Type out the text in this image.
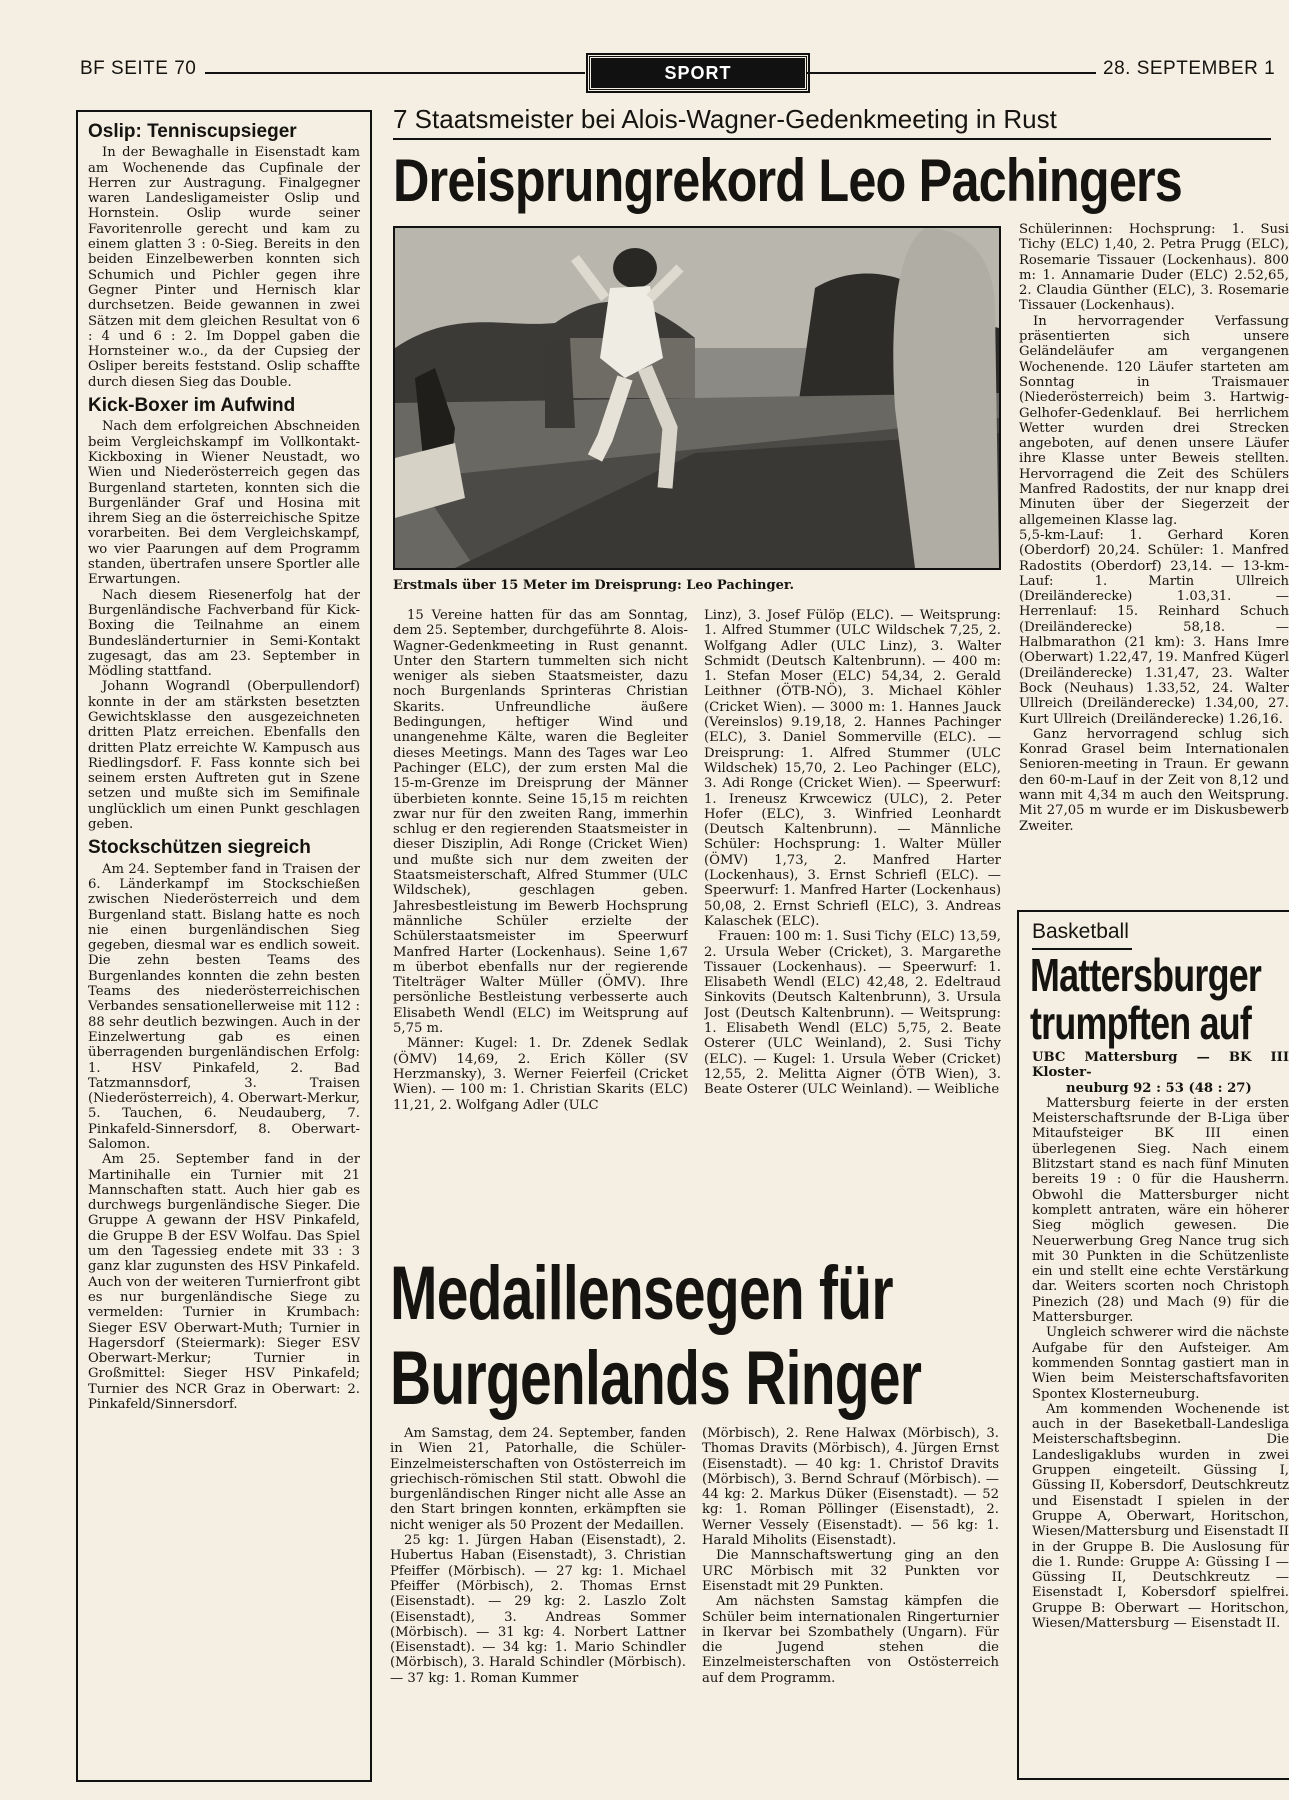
BF SEITE 70	SPORT	28. SEPTEMBER 1
Oslip: Tenniscupsieger

In der Bewaghalle in Eisenstadt kam am Wochenende das Cupfinale der Herren zur Austragung. Finalgegner waren Landesligameister Oslip und Hornstein. Oslip wurde seiner Favoritenrolle gerecht und kam zu einem glatten 3 : 0-Sieg. Bereits in den beiden Einzelbewerben konnten sich Schumich und Pichler gegen ihre Gegner Pinter und Hernisch klar durchsetzen. Beide gewannen in zwei Sätzen mit dem gleichen Resultat von 6 : 4 und 6 : 2. Im Doppel gaben die Hornsteiner w.o., da der Cupsieg der Osliper bereits feststand. Oslip schaffte durch diesen Sieg das Double.

Kick-Boxer im Aufwind

Nach dem erfolgreichen Abschneiden beim Vergleichskampf im Vollkontakt-Kickboxing in Wiener Neustadt, wo Wien und Niederösterreich gegen das Burgenland starteten, konnten sich die Burgenländer Graf und Hosina mit ihrem Sieg an die österreichische Spitze vorarbeiten. Bei dem Vergleichskampf, wo vier Paarungen auf dem Programm standen, übertrafen unsere Sportler alle Erwartungen.

Nach diesem Riesenerfolg hat der Burgenländische Fachverband für Kick-Boxing die Teilnahme an einem Bundesländerturnier in Semi-Kontakt zugesagt, das am 23. September in Mödling stattfand.

Johann Wograndl (Oberpullendorf) konnte in der am stärksten besetzten Gewichtsklasse den ausgezeichneten dritten Platz erreichen. Ebenfalls den dritten Platz erreichte W. Kampusch aus Riedlingsdorf. F. Fass konnte sich bei seinem ersten Auftreten gut in Szene setzen und mußte sich im Semifinale unglücklich um einen Punkt geschlagen geben.

Stockschützen siegreich

Am 24. September fand in Traisen der 6. Länderkampf im Stockschießen zwischen Niederösterreich und dem Burgenland statt. Bislang hatte es noch nie einen burgenländischen Sieg gegeben, diesmal war es endlich soweit. Die zehn besten Teams des Burgenlandes konnten die zehn besten Teams des niederösterreichischen Verbandes sensationellerweise mit 112 : 88 sehr deutlich bezwingen. Auch in der Einzelwertung gab es einen überragenden burgenländischen Erfolg: 1. HSV Pinkafeld, 2. Bad Tatzmannsdorf, 3. Traisen (Niederösterreich), 4. Oberwart-Merkur, 5. Tauchen, 6. Neudauberg, 7. Pinkafeld-Sinnersdorf, 8. Oberwart-Salomon.

Am 25. September fand in der Martinihalle ein Turnier mit 21 Mannschaften statt. Auch hier gab es durchwegs burgenländische Sieger. Die Gruppe A gewann der HSV Pinkafeld, die Gruppe B der ESV Wolfau. Das Spiel um den Tagessieg endete mit 33 : 3 ganz klar zugunsten des HSV Pinkafeld. Auch von der weiteren Turnierfront gibt es nur burgenländische Siege zu vermelden: Turnier in Krumbach: Sieger ESV Oberwart-Muth; Turnier in Hagersdorf (Steiermark): Sieger ESV Oberwart-Merkur; Turnier in Großmittel: Sieger HSV Pinkafeld; Turnier des NCR Graz in Oberwart: 2. Pinkafeld/Sinnersdorf.

7 Staatsmeister bei Alois-Wagner-Gedenkmeeting in Rust
Dreisprungrekord Leo Pachingers
Erstmals über 15 Meter im Dreisprung: Leo Pachinger.

15 Vereine hatten für das am Sonntag, dem 25. September, durchgeführte 8. Alois-Wagner-Gedenkmeeting in Rust genannt. Unter den Startern tummelten sich nicht weniger als sieben Staatsmeister, dazu noch Burgenlands Sprinteras Christian Skarits. Unfreundliche äußere Bedingungen, heftiger Wind und unangenehme Kälte, waren die Begleiter dieses Meetings. Mann des Tages war Leo Pachinger (ELC), der zum ersten Mal die 15-m-Grenze im Dreisprung der Männer überbieten konnte. Seine 15,15 m reichten zwar nur für den zweiten Rang, immerhin schlug er den regierenden Staatsmeister in dieser Disziplin, Adi Ronge (Cricket Wien) und mußte sich nur dem zweiten der Staatsmeisterschaft, Alfred Stummer (ULC Wildschek), geschlagen geben. Jahresbestleistung im Bewerb Hochsprung männliche Schüler erzielte der Schülerstaatsmeister im Speerwurf Manfred Harter (Lockenhaus). Seine 1,67 m überbot ebenfalls nur der regierende Titelträger Walter Müller (ÖMV). Ihre persönliche Bestleistung verbesserte auch Elisabeth Wendl (ELC) im Weitsprung auf 5,75 m.

Männer: Kugel: 1. Dr. Zdenek Sedlak (ÖMV) 14,69, 2. Erich Köller (SV Herzmansky), 3. Werner Feierfeil (Cricket Wien). — 100 m: 1. Christian Skarits (ELC) 11,21, 2. Wolfgang Adler (ULC

Linz), 3. Josef Fülöp (ELC). — Weitsprung: 1. Alfred Stummer (ULC Wildschek 7,25, 2. Wolfgang Adler (ULC Linz), 3. Walter Schmidt (Deutsch Kaltenbrunn). — 400 m: 1. Stefan Moser (ELC) 54,34, 2. Gerald Leithner (ÖTB-NÖ), 3. Michael Köhler (Cricket Wien). — 3000 m: 1. Hannes Jauck (Vereinslos) 9.19,18, 2. Hannes Pachinger (ELC), 3. Daniel Sommerville (ELC). — Dreisprung: 1. Alfred Stummer (ULC Wildschek) 15,70, 2. Leo Pachinger (ELC), 3. Adi Ronge (Cricket Wien). — Speerwurf: 1. Ireneusz Krwcewicz (ULC), 2. Peter Hofer (ELC), 3. Winfried Leonhardt (Deutsch Kaltenbrunn). — Männliche Schüler: Hochsprung: 1. Walter Müller (ÖMV) 1,73, 2. Manfred Harter (Lockenhaus), 3. Ernst Schriefl (ELC). — Speerwurf: 1. Manfred Harter (Lockenhaus) 50,08, 2. Ernst Schriefl (ELC), 3. Andreas Kalaschek (ELC).

Frauen: 100 m: 1. Susi Tichy (ELC) 13,59, 2. Ursula Weber (Cricket), 3. Margarethe Tissauer (Lockenhaus). — Speerwurf: 1. Elisabeth Wendl (ELC) 42,48, 2. Edeltraud Sinkovits (Deutsch Kaltenbrunn), 3. Ursula Jost (Deutsch Kaltenbrunn). — Weitsprung: 1. Elisabeth Wendl (ELC) 5,75, 2. Beate Osterer (ULC Weinland), 2. Susi Tichy (ELC). — Kugel: 1. Ursula Weber (Cricket) 12,55, 2. Melitta Aigner (ÖTB Wien), 3. Beate Osterer (ULC Weinland). — Weibliche

Schülerinnen: Hochsprung: 1. Susi Tichy (ELC) 1,40, 2. Petra Prugg (ELC), Rosemarie Tissauer (Lockenhaus). 800 m: 1. Annamarie Duder (ELC) 2.52,65, 2. Claudia Günther (ELC), 3. Rosemarie Tissauer (Lockenhaus).

In hervorragender Verfassung präsentierten sich unsere Geländeläufer am vergangenen Wochenende. 120 Läufer starteten am Sonntag in Traismauer (Niederösterreich) beim 3. Hartwig-Gelhofer-Gedenklauf. Bei herrlichem Wetter wurden drei Strecken angeboten, auf denen unsere Läufer ihre Klasse unter Beweis stellten. Hervorragend die Zeit des Schülers Manfred Radostits, der nur knapp drei Minuten über der Siegerzeit der allgemeinen Klasse lag.

5,5-km-Lauf: 1. Gerhard Koren (Oberdorf) 20,24. Schüler: 1. Manfred Radostits (Oberdorf) 23,14. — 13-km-Lauf: 1. Martin Ullreich (Dreiländerecke) 1.03,31. — Herrenlauf: 15. Reinhard Schuch (Dreiländerecke) 58,18. — Halbmarathon (21 km): 3. Hans Imre (Oberwart) 1.22,47, 19. Manfred Kügerl (Dreiländerecke) 1.31,47, 23. Walter Bock (Neuhaus) 1.33,52, 24. Walter Ullreich (Dreiländerecke) 1.34,00, 27. Kurt Ullreich (Dreiländerecke) 1.26,16.

Ganz hervorragend schlug sich Konrad Grasel beim Internationalen Senioren-meeting in Traun. Er gewann den 60-m-Lauf in der Zeit von 8,12 und wann mit 4,34 m auch den Weitsprung. Mit 27,05 m wurde er im Diskusbewerb Zweiter.

Basketball
Mattersburger
trumpften auf

UBC Mattersburg — BK III Kloster-

neuburg 92 : 53 (48 : 27)

Mattersburg feierte in der ersten Meisterschaftsrunde der B-Liga über Mitaufsteiger BK III einen überlegenen Sieg. Nach einem Blitzstart stand es nach fünf Minuten bereits 19 : 0 für die Hausherrn. Obwohl die Mattersburger nicht komplett antraten, wäre ein höherer Sieg möglich gewesen. Die Neuerwerbung Greg Nance trug sich mit 30 Punkten in die Schützenliste ein und stellt eine echte Verstärkung dar. Weiters scorten noch Christoph Pinezich (28) und Mach (9) für die Mattersburger.

Ungleich schwerer wird die nächste Aufgabe für den Aufsteiger. Am kommenden Sonntag gastiert man in Wien beim Meisterschaftsfavoriten Spontex Klosterneuburg.

Am kommenden Wochenende ist auch in der Baseketball-Landesliga Meisterschaftsbeginn. Die Landesligaklubs wurden in zwei Gruppen eingeteilt. Güssing I, Güssing II, Kobersdorf, Deutschkreutz und Eisenstadt I spielen in der Gruppe A, Oberwart, Horitschon, Wiesen/Mattersburg und Eisenstadt II in der Gruppe B. Die Auslosung für die 1. Runde: Gruppe A: Güssing I — Güssing II, Deutschkreutz — Eisenstadt I, Kobersdorf spielfrei. Gruppe B: Oberwart — Horitschon, Wiesen/Mattersburg — Eisenstadt II.

Medaillensegen für
Burgenlands Ringer

Am Samstag, dem 24. September, fanden in Wien 21, Patorhalle, die Schüler-Einzelmeisterschaften von Ostösterreich im griechisch-römischen Stil statt. Obwohl die burgenländischen Ringer nicht alle Asse an den Start bringen konnten, erkämpften sie nicht weniger als 50 Prozent der Medaillen.

25 kg: 1. Jürgen Haban (Eisenstadt), 2. Hubertus Haban (Eisenstadt), 3. Christian Pfeiffer (Mörbisch). — 27 kg: 1. Michael Pfeiffer (Mörbisch), 2. Thomas Ernst (Eisenstadt). — 29 kg: 2. Laszlo Zolt (Eisenstadt), 3. Andreas Sommer (Mörbisch). — 31 kg: 4. Norbert Lattner (Eisenstadt). — 34 kg: 1. Mario Schindler (Mörbisch), 3. Harald Schindler (Mörbisch). — 37 kg: 1. Roman Kummer

(Mörbisch), 2. Rene Halwax (Mörbisch), 3. Thomas Dravits (Mörbisch), 4. Jürgen Ernst (Eisenstadt). — 40 kg: 1. Christof Dravits (Mörbisch), 3. Bernd Schrauf (Mörbisch). — 44 kg: 2. Markus Düker (Eisenstadt). — 52 kg: 1. Roman Pöllinger (Eisenstadt), 2. Werner Vessely (Eisenstadt). — 56 kg: 1. Harald Miholits (Eisenstadt).

Die Mannschaftswertung ging an den URC Mörbisch mit 32 Punkten vor Eisenstadt mit 29 Punkten.

Am nächsten Samstag kämpfen die Schüler beim internationalen Ringerturnier in Ikervar bei Szombathely (Ungarn). Für die Jugend stehen die Einzelmeisterschaften von Ostösterreich auf dem Programm.
